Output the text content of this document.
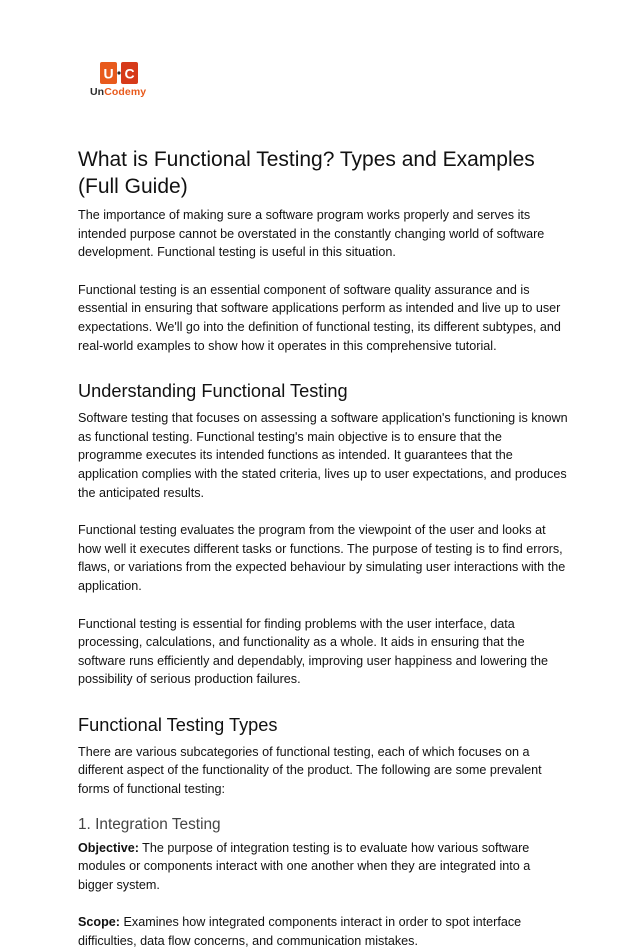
U C
UnCodemy
What is Functional Testing? Types and Examples (Full Guide)

The importance of making sure a software program works properly and serves its intended purpose cannot be overstated in the constantly changing world of software development. Functional testing is useful in this situation.

Functional testing is an essential component of software quality assurance and is essential in ensuring that software applications perform as intended and live up to user expectations. We'll go into the definition of functional testing, its different subtypes, and real-world examples to show how it operates in this comprehensive tutorial.

Understanding Functional Testing

Software testing that focuses on assessing a software application's functioning is known as functional testing. Functional testing's main objective is to ensure that the programme executes its intended functions as intended. It guarantees that the application complies with the stated criteria, lives up to user expectations, and produces the anticipated results.

Functional testing evaluates the program from the viewpoint of the user and looks at how well it executes different tasks or functions. The purpose of testing is to find errors, flaws, or variations from the expected behaviour by simulating user interactions with the application.

Functional testing is essential for finding problems with the user interface, data processing, calculations, and functionality as a whole. It aids in ensuring that the software runs efficiently and dependably, improving user happiness and lowering the possibility of serious production failures.

Functional Testing Types

There are various subcategories of functional testing, each of which focuses on a different aspect of the functionality of the product. The following are some prevalent forms of functional testing:

1. Integration Testing

Objective: The purpose of integration testing is to evaluate how various software modules or components interact with one another when they are integrated into a bigger system.

Scope: Examines how integrated components interact in order to spot interface difficulties, data flow concerns, and communication mistakes.
